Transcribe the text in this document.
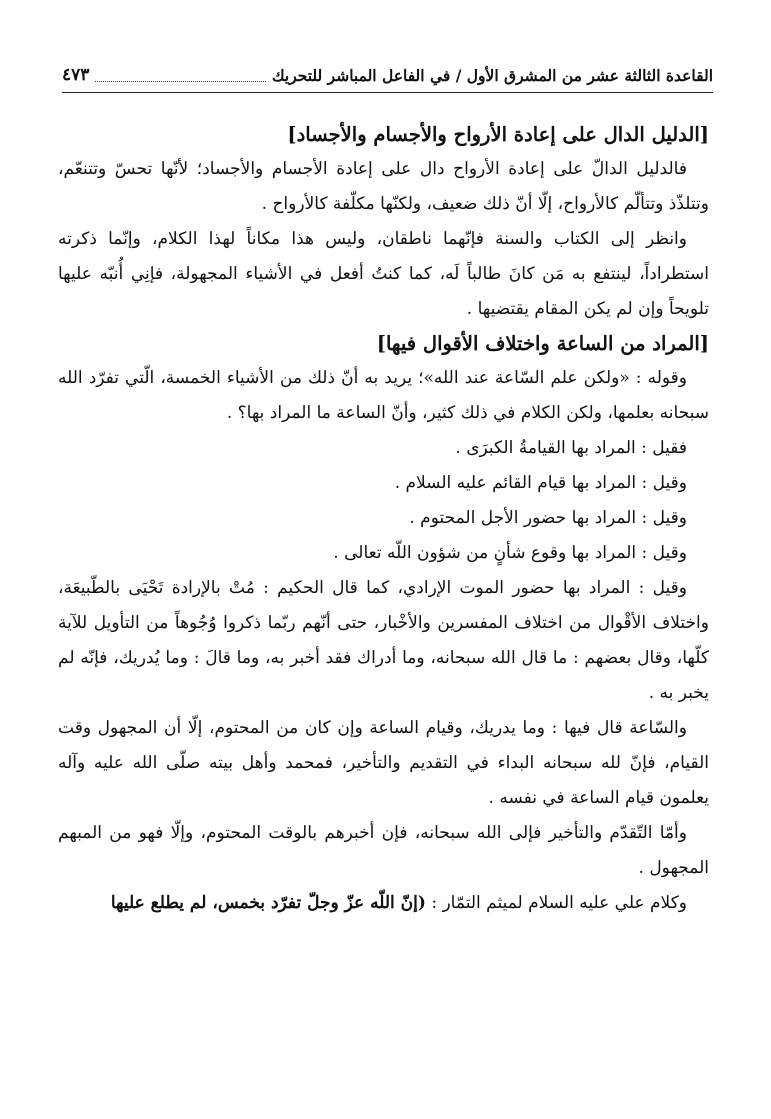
القاعدة الثالثة عشر من المشرق الأول / في الفاعل المباشر للتحريك
٤٧٣
[الدليل الدال على إعادة الأرواح والأجسام والأجساد]

فالدليل الدالّ على إعادة الأرواح دال على إعادة الأجسام والأجساد؛ لأنّها تحسّ وتتنعّم، وتتلذّذ وتتألّم كالأرواح، إلّا أنّ ذلك ضعيف، ولكنّها مكلّفة كالأرواح .

وانظر إلى الكتاب والسنة فإنّهما ناطقان، وليس هذا مكاناً لهذا الكلام، وإنّما ذكرته استطراداً، لينتفع به مَن كانَ طالباً لَه، كما كنتُ أفعل في الأشياء المجهولة، فإنِي أُنبّه عليها تلويحاً وإن لم يكن المقام يقتضيها .

[المراد من الساعة واختلاف الأقوال فيها]

وقوله : «ولكن علم السّاعة عند الله»؛ يريد به أنّ ذلك من الأشياء الخمسة، الّتي تفرّد الله سبحانه بعلمها، ولكن الكلام في ذلك كثير، وأنّ الساعة ما المراد بها؟ .

فقيل : المراد بها القيامةُ الكبرَى .

وقيل : المراد بها قيام القائم عليه السلام .

وقيل : المراد بها حضور الأجل المحتوم .

وقيل : المراد بها وقوع شأنٍ من شؤون اللّه تعالى .

وقيل : المراد بها حضور الموت الإرادي، كما قال الحكيم : مُتْ بالإرادة تَحْيَى بالطّبيعَة، واختلاف الأقْوال من اختلاف المفسرين والأخْبار، حتى أنّهم ربّما ذكروا وُجُوهاً من التأويل للآية كلّها، وقال بعضهم : ما قال الله سبحانه، وما أدراك فقد أخبر به، وما قالَ : وما يُدريك، فإنّه لم يخبر به .

والسّاعة قال فيها : وما يدريك، وقيام الساعة وإن كان من المحتوم، إلّا أن المجهول وقت القيام، فإنّ لله سبحانه البداء في التقديم والتأخير، فمحمد وأهل بيته صلّى الله عليه وآله يعلمون قيام الساعة في نفسه .

وأمّا التّقدّم والتأخير فإلى الله سبحانه، فإن أخبرهم بالوقت المحتوم، وإلّا فهو من المبهم المجهول .

وكلام علي عليه السلام لميثم التمّار : (إنّ اللّه عزّ وجلّ تفرّد بخمس، لم يطلع عليها
